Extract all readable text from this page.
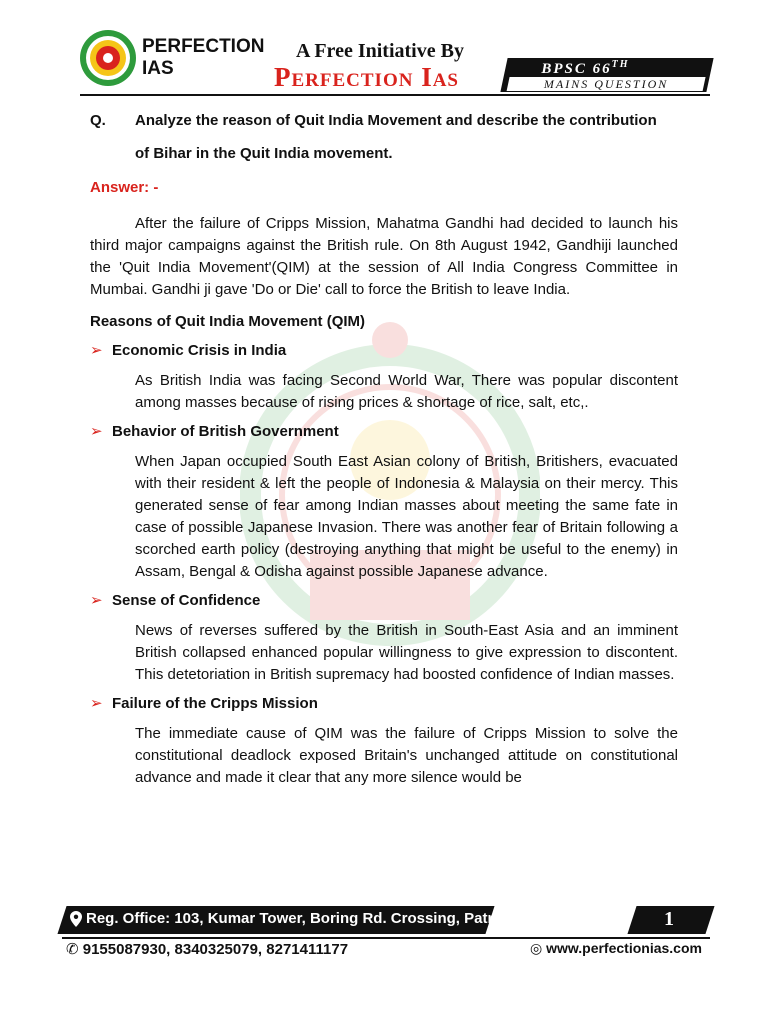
PERFECTION
IAS
A Free Initiative By
Perfection Ias	BPSC 66TH
MAINS QUESTION
Q.	Analyze the reason of Quit India Movement and describe the contribution
of Bihar in the Quit India movement.
Answer: -

After the failure of Cripps Mission, Mahatma Gandhi had decided to launch his third major campaigns against the British rule. On 8th August 1942, Gandhiji launched the 'Quit India Movement'(QIM) at the session of All India Congress Committee in Mumbai. Gandhi ji gave 'Do or Die' call to force the British to leave India.

Reasons of Quit India Movement (QIM)
➢ Economic Crisis in India
As British India was facing Second World War, There was popular discontent among masses because of rising prices & shortage of rice, salt, etc,.
➢ Behavior of British Government
When Japan occupied South East Asian colony of British, Britishers, evacuated with their resident & left the people of Indonesia & Malaysia on their mercy. This generated sense of fear among Indian masses about meeting the same fate in case of possible Japanese Invasion. There was another fear of Britain following a scorched earth policy (destroying anything that might be useful to the enemy) in Assam, Bengal & Odisha against possible Japanese advance.
➢ Sense of Confidence
News of reverses suffered by the British in South-East Asia and an imminent British collapsed enhanced popular willingness to give expression to discontent. This detetoriation in British supremacy had boosted confidence of Indian masses.
➢ Failure of the Cripps Mission
The immediate cause of QIM was the failure of Cripps Mission to solve the constitutional deadlock exposed Britain's unchanged attitude on constitutional advance and made it clear that any more silence would be
Reg. Office: 103, Kumar Tower, Boring Rd. Crossing, Patna	1
✆ 9155087930, 8340325079, 8271411177	◎ www.perfectionias.com
